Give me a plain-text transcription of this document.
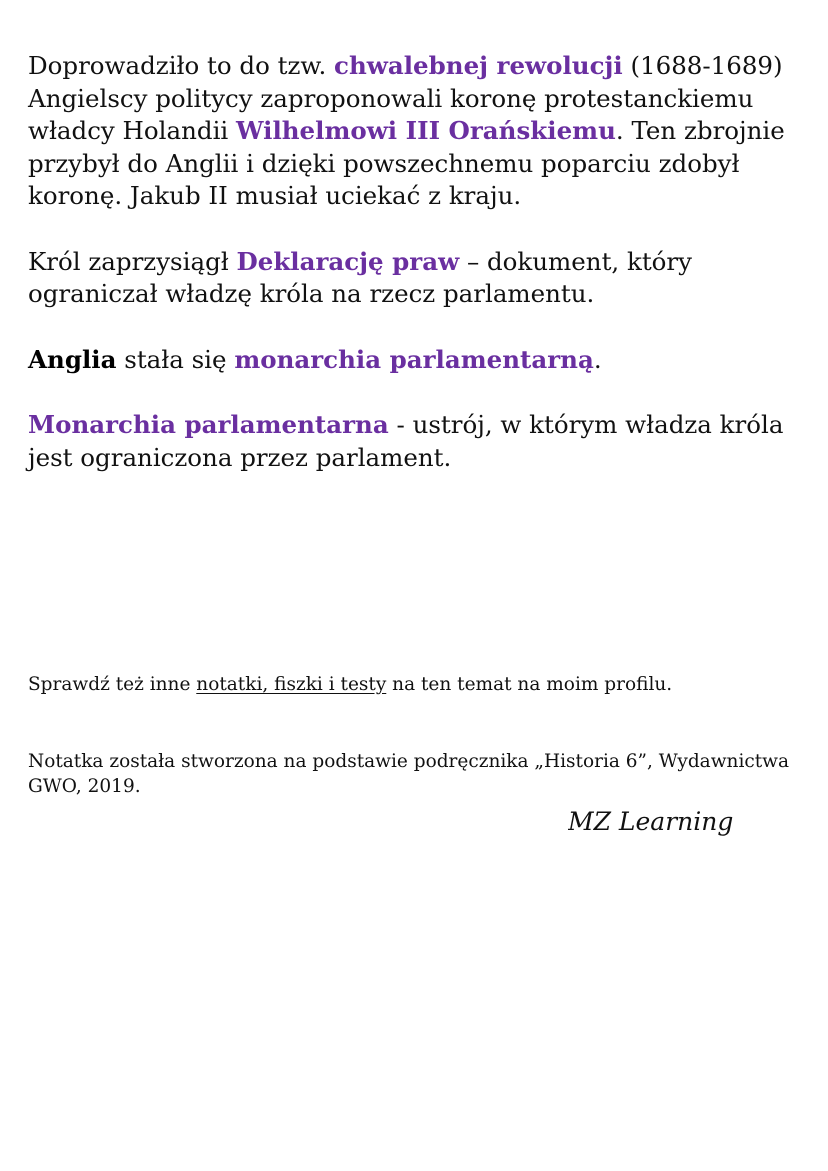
Doprowadziło to do tzw. chwalebnej rewolucji (1688-1689) Angielscy politycy zaproponowali koronę protestanckiemu władcy Holandii Wilhelmowi III Orańskiemu. Ten zbrojnie przybył do Anglii i dzięki powszechnemu poparciu zdobył koronę. Jakub II musiał uciekać z kraju.

Król zaprzysiągł Deklarację praw – dokument, który ograniczał władzę króla na rzecz parlamentu.

Anglia stała się monarchia parlamentarną.

Monarchia parlamentarna - ustrój, w którym władza króla jest ograniczona przez parlament.

Sprawdź też inne notatki, fiszki i testy na ten temat na moim profilu.

Notatka została stworzona na podstawie podręcznika „Historia 6”, Wydawnictwa GWO, 2019.

MZ Learning
